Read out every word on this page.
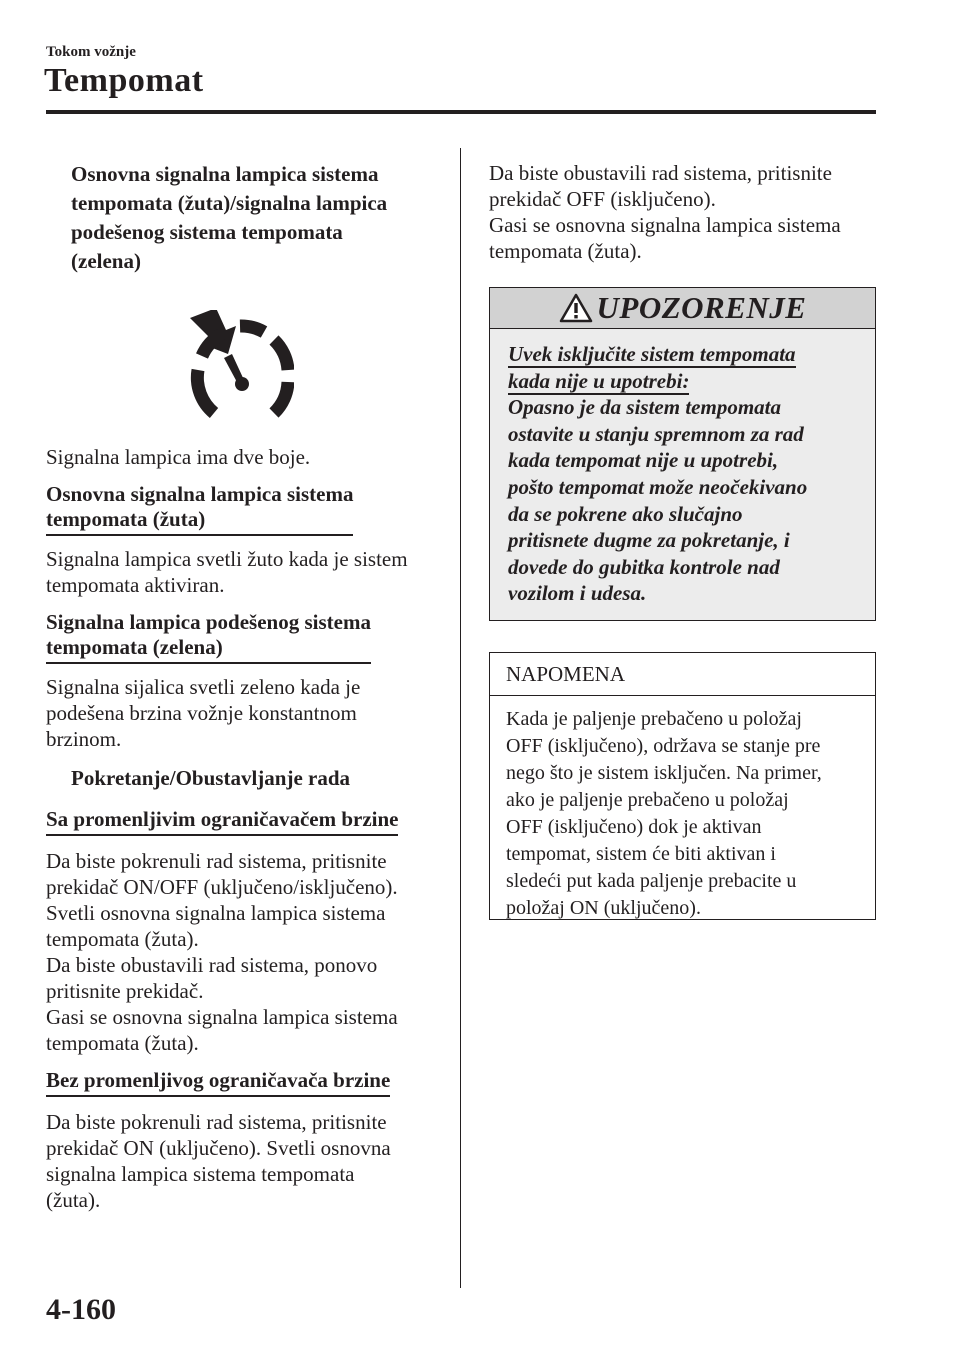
Tokom vožnje
Tempomat
Osnovna signalna lampica sistema
tempomata (žuta)/signalna lampica
podešenog sistema tempomata
(zelena)

Signalna lampica ima dve boje.

Osnovna signalna lampica sistema
tempomata (žuta)
Signalna lampica svetli žuto kada je sistem
tempomata aktiviran.
Signalna lampica podešenog sistema
tempomata (zelena)
Signalna sijalica svetli zeleno kada je
podešena brzina vožnje konstantnom
brzinom.
Pokretanje/Obustavljanje rada
Sa promenljivim ograničavačem brzine
Da biste pokrenuli rad sistema, pritisnite
prekidač ON/OFF (uključeno/isključeno).
Svetli osnovna signalna lampica sistema
tempomata (žuta).
Da biste obustavili rad sistema, ponovo
pritisnite prekidač.
Gasi se osnovna signalna lampica sistema
tempomata (žuta).
Bez promenljivog ograničavača brzine
Da biste pokrenuli rad sistema, pritisnite
prekidač ON (uključeno). Svetli osnovna
signalna lampica sistema tempomata
(žuta).
Da biste obustavili rad sistema, pritisnite
prekidač OFF (isključeno).
Gasi se osnovna signalna lampica sistema
tempomata (žuta).
UPOZORENJE
Uvek isključite sistem tempomata
kada nije u upotrebi:
Opasno je da sistem tempomata
ostavite u stanju spremnom za rad
kada tempomat nije u upotrebi,
pošto tempomat može neočekivano
da se pokrene ako slučajno
pritisnete dugme za pokretanje, i
dovede do gubitka kontrole nad
vozilom i udesa.
NAPOMENA
Kada je paljenje prebačeno u položaj
OFF (isključeno), održava se stanje pre
nego što je sistem isključen. Na primer,
ako je paljenje prebačeno u položaj
OFF (isključeno) dok je aktivan
tempomat, sistem će biti aktivan i
sledeći put kada paljenje prebacite u
položaj ON (uključeno).
4-160
